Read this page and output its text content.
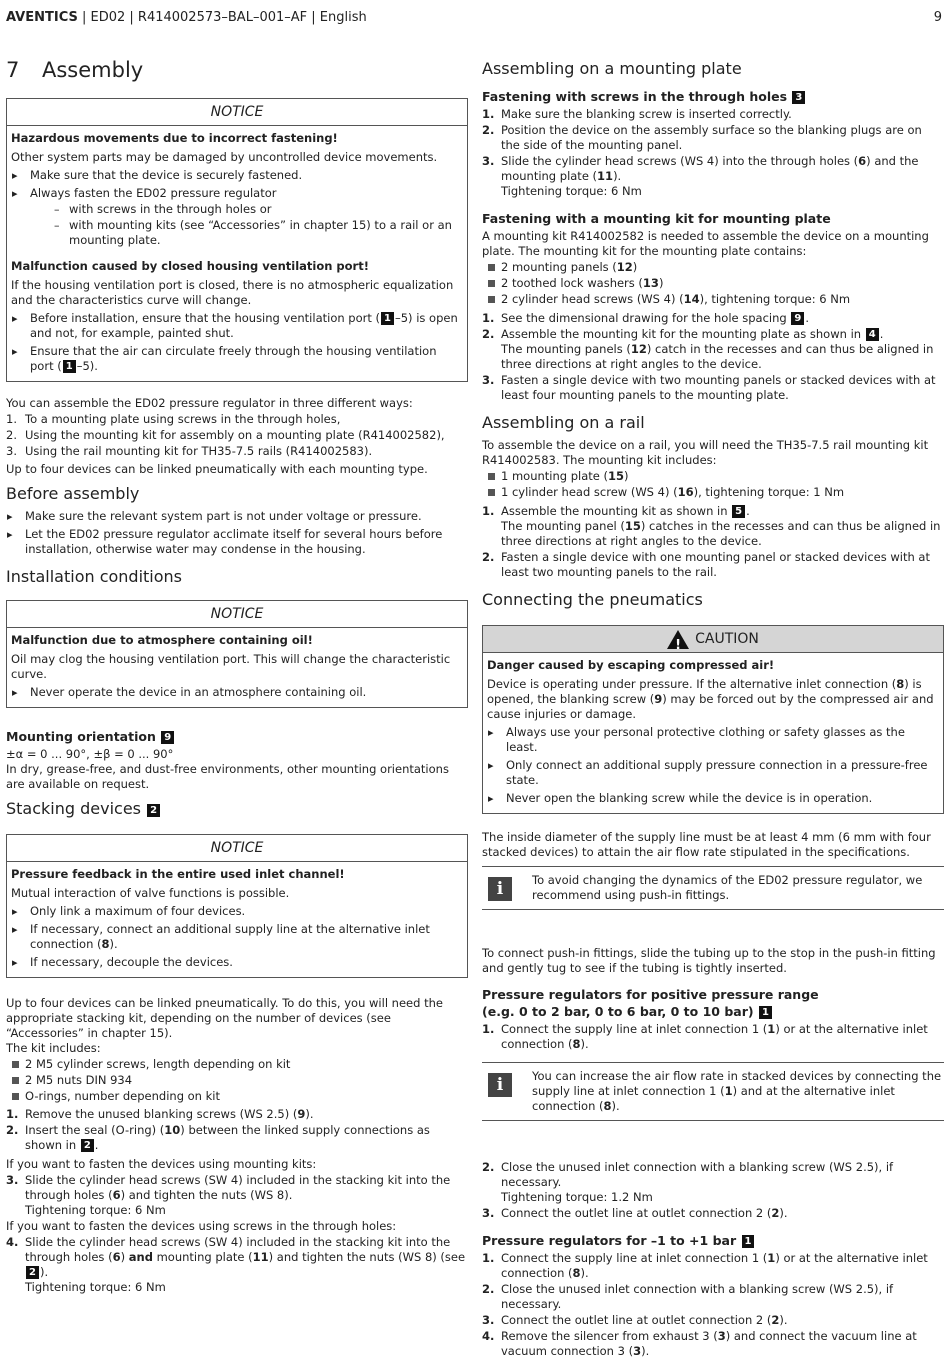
AVENTICS | ED02 | R414002573–BAL–001–AF | English	9
7 Assembly
NOTICE

Hazardous movements due to incorrect fastening!

Other system parts may be damaged by uncontrolled device movements.

▸ Make sure that the device is securely fastened.
▸ Always fasten the ED02 pressure regulator
– with screws in the through holes or
– with mounting kits (see “Accessories” in chapter 15) to a rail or an mounting plate.

Malfunction caused by closed housing ventilation port!

If the housing ventilation port is closed, there is no atmospheric equalization and the characteristics curve will change.

▸ Before installation, ensure that the housing ventilation port ( 1 –5) is open and not, for example, painted shut.
▸ Ensure that the air can circulate freely through the housing ventilation port ( 1 –5).

You can assemble the ED02 pressure regulator in three different ways:

1. To a mounting plate using screws in the through holes,
2. Using the mounting kit for assembly on a mounting plate (R414002582),
3. Using the rail mounting kit for TH35-7.5 rails (R414002583).

Up to four devices can be linked pneumatically with each mounting type.

Before assembly
▸ Make sure the relevant system part is not under voltage or pressure.
▸ Let the ED02 pressure regulator acclimate itself for several hours before installation, otherwise water may condense in the housing.
Installation conditions
NOTICE

Malfunction due to atmosphere containing oil!

Oil may clog the housing ventilation port. This will change the characteristic curve.

▸ Never operate the device in an atmosphere containing oil.
Mounting orientation 9

±α = 0 ... 90°, ±β = 0 ... 90°

In dry, grease-free, and dust-free environments, other mounting orientations are available on request.

Stacking devices 2
NOTICE

Pressure feedback in the entire used inlet channel!

Mutual interaction of valve functions is possible.

▸ Only link a maximum of four devices.
▸ If necessary, connect an additional supply line at the alternative inlet connection (8).
▸ If necessary, decouple the devices.

Up to four devices can be linked pneumatically. To do this, you will need the appropriate stacking kit, depending on the number of devices (see “Accessories” in chapter 15).

The kit includes:

2 M5 cylinder screws, length depending on kit
2 M5 nuts DIN 934
O-rings, number depending on kit
1. Remove the unused blanking screws (WS 2.5) (9).
2. Insert the seal (O-ring) (10) between the linked supply connections as shown in 2 .

If you want to fasten the devices using mounting kits:

3. Slide the cylinder head screws (SW 4) included in the stacking kit into the through holes (6) and tighten the nuts (WS 8).
Tightening torque: 6 Nm

If you want to fasten the devices using screws in the through holes:

4. Slide the cylinder head screws (SW 4) included in the stacking kit into the through holes (6) and mounting plate (11) and tighten the nuts (WS 8) (see 2 ).
Tightening torque: 6 Nm
Assembling on a mounting plate
Fastening with screws in the through holes 3
1. Make sure the blanking screw is inserted correctly.
2. Position the device on the assembly surface so the blanking plugs are on the side of the mounting panel.
3. Slide the cylinder head screws (WS 4) into the through holes (6) and the mounting plate (11).
Tightening torque: 6 Nm
Fastening with a mounting kit for mounting plate

A mounting kit R414002582 is needed to assemble the device on a mounting plate. The mounting kit for the mounting plate contains:

2 mounting panels (12)
2 toothed lock washers (13)
2 cylinder head screws (WS 4) (14), tightening torque: 6 Nm
1. See the dimensional drawing for the hole spacing 9 .
2. Assemble the mounting kit for the mounting plate as shown in 4 .
The mounting panels (12) catch in the recesses and can thus be aligned in three directions at right angles to the device.
3. Fasten a single device with two mounting panels or stacked devices with at least four mounting panels to the mounting plate.
Assembling on a rail

To assemble the device on a rail, you will need the TH35-7.5 rail mounting kit R414002583. The mounting kit includes:

1 mounting plate (15)
1 cylinder head screw (WS 4) (16), tightening torque: 1 Nm
1. Assemble the mounting kit as shown in 5 .
The mounting panel (15) catches in the recesses and can thus be aligned in three directions at right angles to the device.
2. Fasten a single device with one mounting panel or stacked devices with at least two mounting panels to the rail.
Connecting the pneumatics
! CAUTION

Danger caused by escaping compressed air!

Device is operating under pressure. If the alternative inlet connection (8) is opened, the blanking screw (9) may be forced out by the compressed air and cause injuries or damage.

▸ Always use your personal protective clothing or safety glasses as the least.
▸ Only connect an additional supply pressure connection in a pressure-free state.
▸ Never open the blanking screw while the device is in operation.

The inside diameter of the supply line must be at least 4 mm (6 mm with four stacked devices) to attain the air flow rate stipulated in the specifications.

i	To avoid changing the dynamics of the ED02 pressure regulator, we recommend using push-in fittings.

To connect push-in fittings, slide the tubing up to the stop in the push-in fitting and gently tug to see if the tubing is tightly inserted.

Pressure regulators for positive pressure range
(e.g. 0 to 2 bar, 0 to 6 bar, 0 to 10 bar) 1
1. Connect the supply line at inlet connection 1 (1) or at the alternative inlet connection (8).
i	You can increase the air flow rate in stacked devices by connecting the supply line at inlet connection 1 (1) and at the alternative inlet connection (8).

2. Close the unused inlet connection with a blanking screw (WS 2.5), if necessary.
Tightening torque: 1.2 Nm
3. Connect the outlet line at outlet connection 2 (2).
Pressure regulators for –1 to +1 bar 1
1. Connect the supply line at inlet connection 1 (1) or at the alternative inlet connection (8).
2. Close the unused inlet connection with a blanking screw (WS 2.5), if necessary.
3. Connect the outlet line at outlet connection 2 (2).
4. Remove the silencer from exhaust 3 (3) and connect the vacuum line at vacuum connection 3 (3).
